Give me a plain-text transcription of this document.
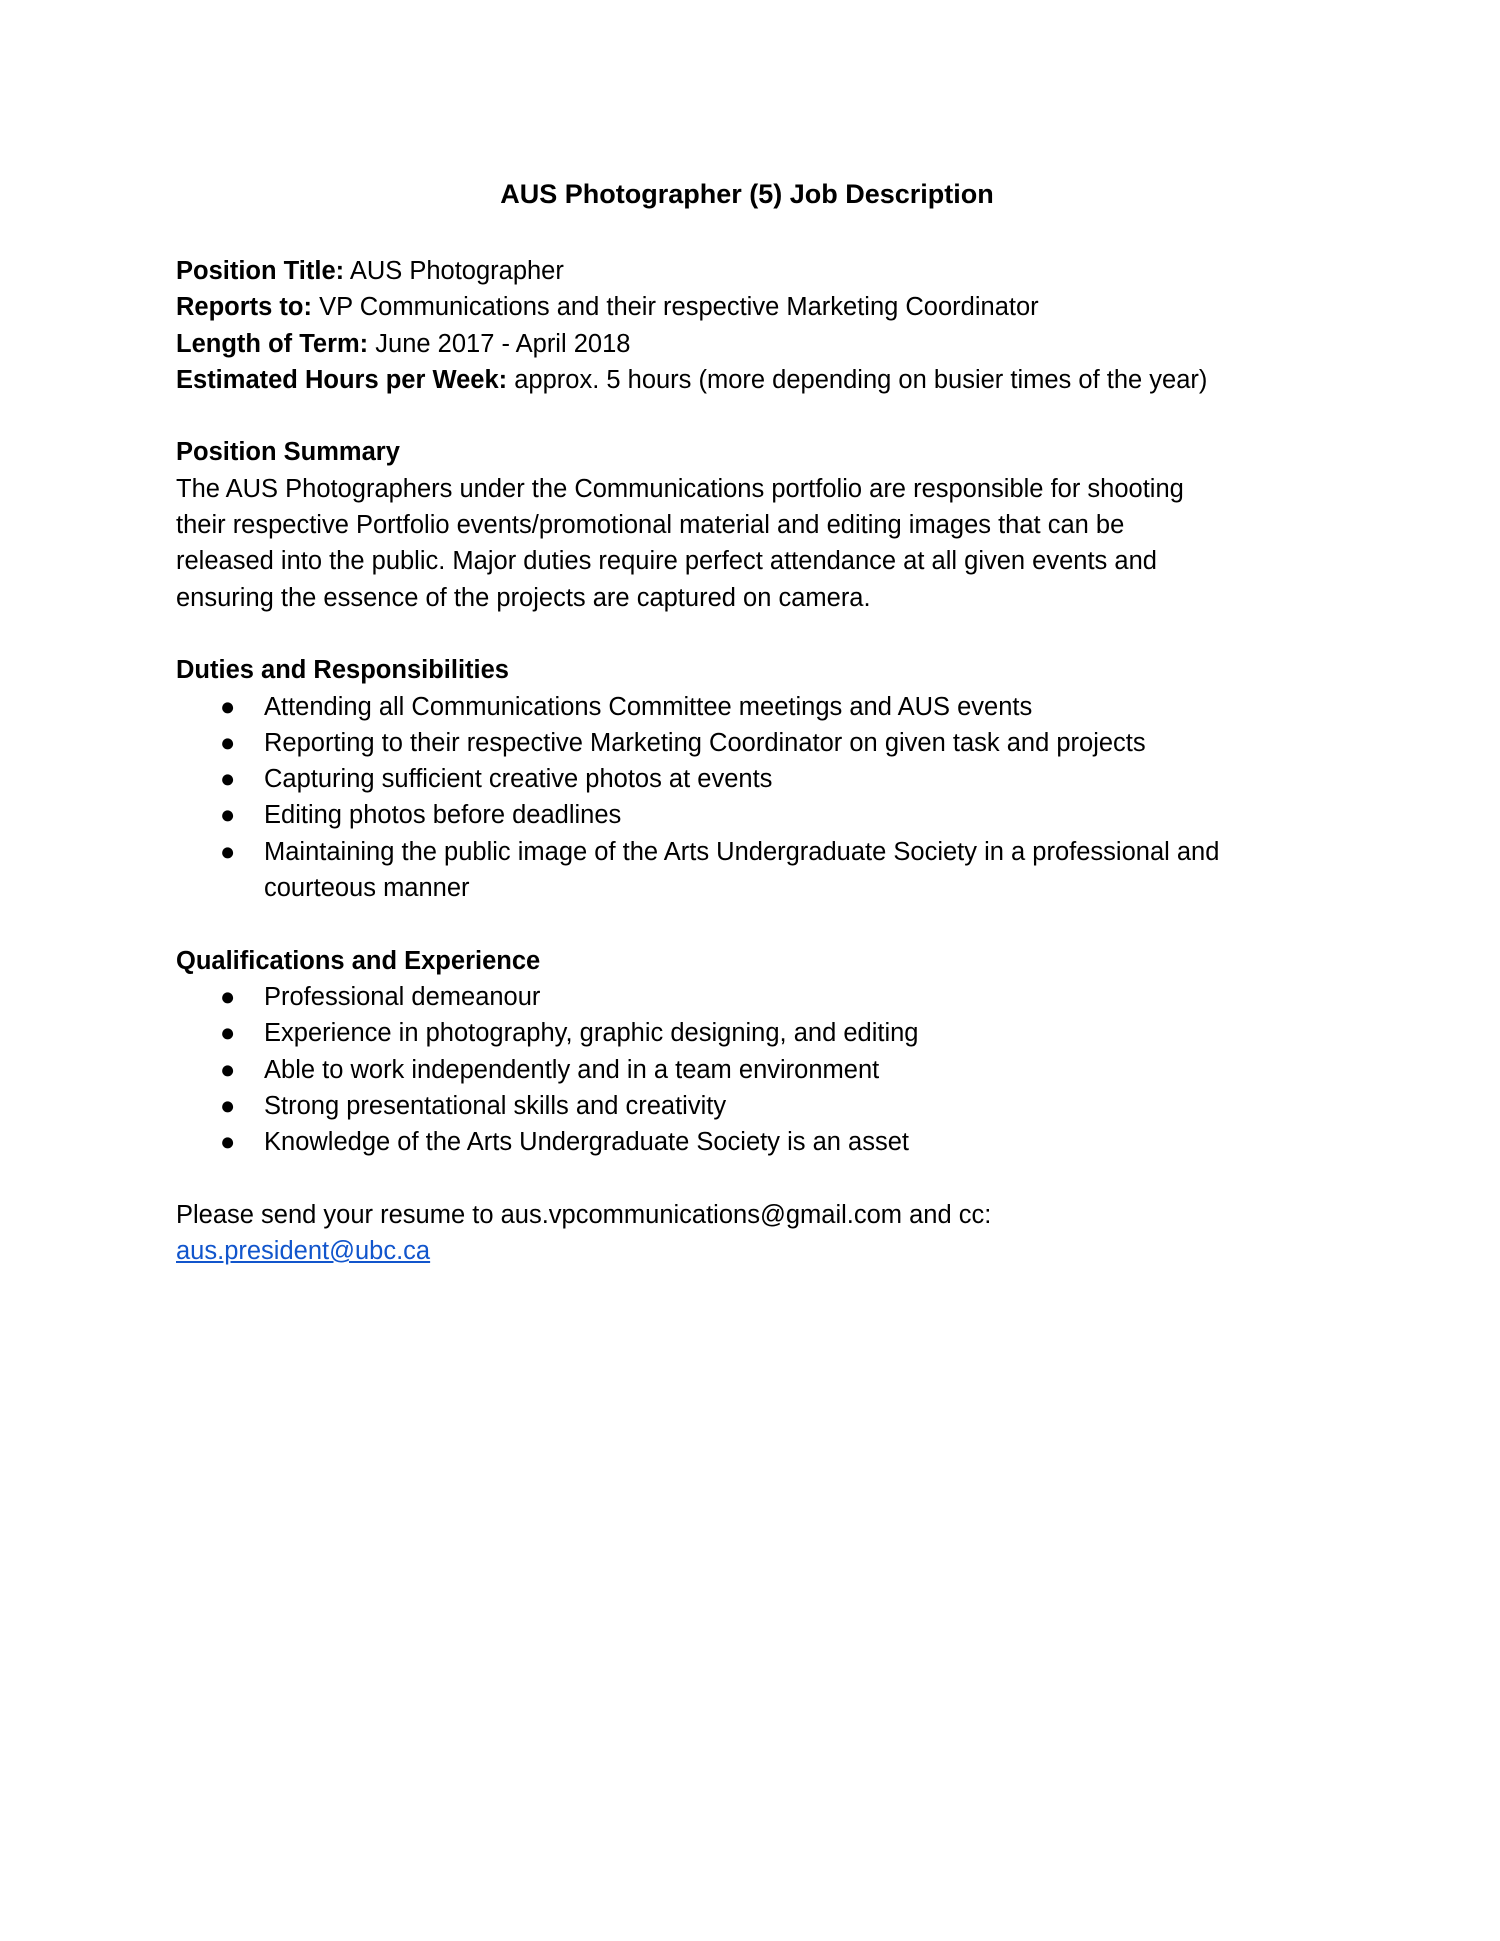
AUS Photographer (5) Job Description
Position Title: AUS Photographer
Reports to: VP Communications and their respective Marketing Coordinator
Length of Term: June 2017 - April 2018
Estimated Hours per Week: approx. 5 hours (more depending on busier times of the year)
Position Summary
The AUS Photographers under the Communications portfolio are responsible for shooting
their respective Portfolio events/promotional material and editing images that can be
released into the public. Major duties require perfect attendance at all given events and
ensuring the essence of the projects are captured on camera.
Duties and Responsibilities
● Attending all Communications Committee meetings and AUS events
● Reporting to their respective Marketing Coordinator on given task and projects
● Capturing sufficient creative photos at events
● Editing photos before deadlines
● Maintaining the public image of the Arts Undergraduate Society in a professional and courteous manner
Qualifications and Experience
● Professional demeanour
● Experience in photography, graphic designing, and editing
● Able to work independently and in a team environment
● Strong presentational skills and creativity
● Knowledge of the Arts Undergraduate Society is an asset
Please send your resume to aus.vpcommunications@gmail.com and cc:
aus.president@ubc.ca
